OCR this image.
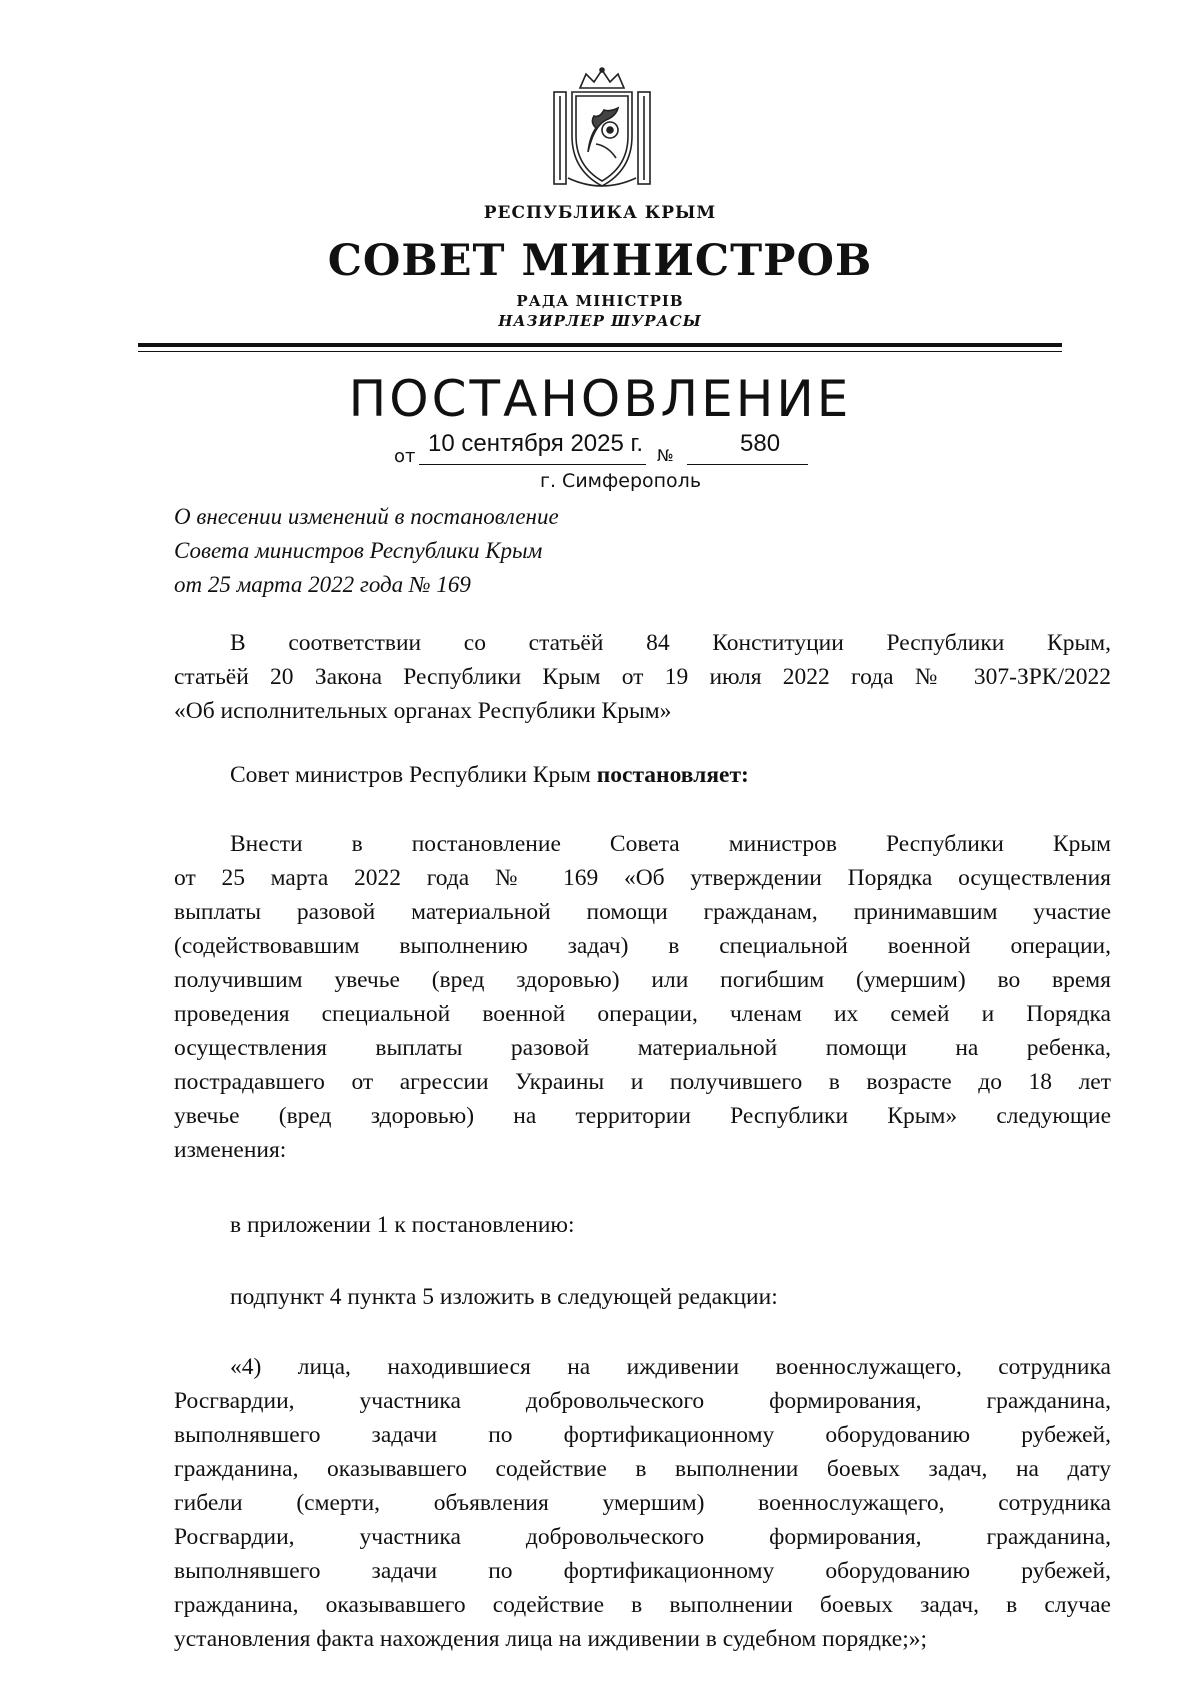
РЕСПУБЛИКА КРЫМ
СОВЕТ МИНИСТРОВ
РАДА МІНІСТРІВ
НАЗИРЛЕР ШУРАСЫ
ПОСТАНОВЛЕНИЕ
от 10 сентября 2025 г. №	580
г. Симферополь
О внесении изменений в постановление
Совета министров Республики Крым
от 25 марта 2022 года № 169
В соответствии со статьёй 84 Конституции Республики Крым,
статьёй 20 Закона Республики Крым от 19 июля 2022 года № 307-ЗРК/2022
«Об исполнительных органах Республики Крым»
Совет министров Республики Крым постановляет:
Внести в постановление Совета министров Республики Крым
от 25 марта 2022 года № 169 «Об утверждении Порядка осуществления
выплаты разовой материальной помощи гражданам, принимавшим участие
(содействовавшим выполнению задач) в специальной военной операции,
получившим увечье (вред здоровью) или погибшим (умершим) во время
проведения специальной военной операции, членам их семей и Порядка
осуществления выплаты разовой материальной помощи на ребенка,
пострадавшего от агрессии Украины и получившего в возрасте до 18 лет
увечье (вред здоровью) на территории Республики Крым» следующие
изменения:
в приложении 1 к постановлению:
подпункт 4 пункта 5 изложить в следующей редакции:
«4) лица, находившиеся на иждивении военнослужащего, сотрудника
Росгвардии, участника добровольческого формирования, гражданина,
выполнявшего задачи по фортификационному оборудованию рубежей,
гражданина, оказывавшего содействие в выполнении боевых задач, на дату
гибели (смерти, объявления умершим) военнослужащего, сотрудника
Росгвардии, участника добровольческого формирования, гражданина,
выполнявшего задачи по фортификационному оборудованию рубежей,
гражданина, оказывавшего содействие в выполнении боевых задач, в случае
установления факта нахождения лица на иждивении в судебном порядке;»;
